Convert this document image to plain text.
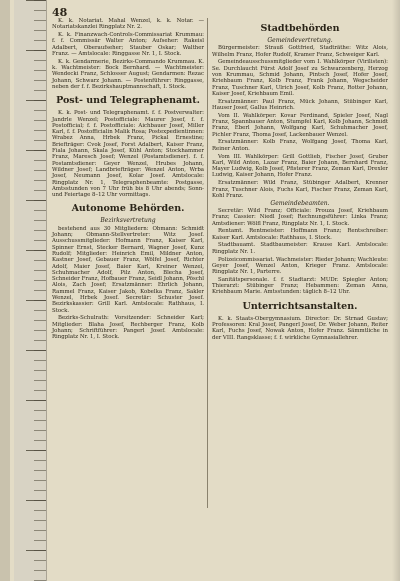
48
K. k. Notariat. Mahal Wenzel, k. k. Notar. — Notariatskanzlei Ringplatz Nr. 2.
K. k. Finanzwach-Controls-Commissariat Krummau: f. f. Commissär Walter Anton; Aufseher: Rakeisl Adalbert, Oberaufseher; Stauber Oskar; Walther Franz. — Amtslocale: Ringgasse Nr. 1, I. Stock.
K. k. Gendarmerie, Bezirks-Commando Krummau. K. k. Wachtmeister: Bock Bernhard. — Wachtmeister: Wendecki Franz, Schlosser August; Gendarmen: Rezac Johann, Schwarz Johann. — Postenführer: Ringgasse, neben der f. f. Bezirkshauptmannschaft, I. Stock.
Post- und Telegraphenamt.
K. k. Post- und Telegraphenamt. f. f. Postverwalter: Jandrle Wenzel; Postofficiale: Maurer Josef, f. f. Postofficial; f. f. Postofficiale: Aichbauer Josef, Miller Karl, f. f. Postofficialin Malik Rosa; Postexpedientinnen: Wrabez Anna, Hrbek Franz, Pickal Ernestine; Briefträger: Cvok Josef, Forst Adalbert, Kaiser Franz, Fiala Johann, Skala Josef, Kühl Anton; Stockhammer Franz, Maresch Josef; Wenzel (Postamtsdiener). f. f. Postamtsdiener: Geyer Wenzel, Hrubes Johann, Wildner Josef; Landbriefträger: Wenzel Anton, Wrba Josef, Neumann Josef, Kolar Josef. Amtslocale: Ringplatz Nr. 1, Telegraphenbeamte: Postgasse, Amtsstunden von 7 Uhr früh bis 8 Uhr abends; Sonn- und Feiertage 8–12 Uhr vormittags.
Autonome Behörden.
Bezirksvertretung
bestehend aus 30 Mitgliedern: Obmann: Schmidt Johann; Obmann-Stellvertreter: Witz Josef. Ausschussmitglieder: Hofmann Franz, Kaiser Karl, Spinner Ernst, Stecker Bernard, Wagner Josef, Kunz Rudolf; Mitglieder: Heinrich Emil, Mildner Anton, Kastner Josef, Gebauer Franz, Wölfel Josef, Richter Adolf, Maier Josef, Baier Karl, Kreiner Wenzel, Schuhmacher Adolf, Pilz Anton, Blecha Josef, Schneider Franz, Hofbauer Franz, Seidl Johann, Pöschl Alois, Zach Josef; Ersatzmänner: Ehrlich Johann, Rammel Franz, Kaiser Jakob, Kobelka Franz, Sakler Wenzel, Hrbek Josef. Secretär: Schuster Josef. Bezirkskassier: Grill Karl. Amtslocale: Rathhaus, I. Stock.
Bezirks-Schulrath: Vorsitzender: Schneider Karl; Mitglieder: Blaha Josef, Rechberger Franz, Kolb Johann; Schriftführer: Pangerl Josef. Amtslocale: Ringplatz Nr. 1, I. Stock.
Stadtbehörden
Gemeindevertretung.
Bürgermeister: Strauß Gottfried, Stadträthe: Witz Alois, Wilhelm Franz, Hofer Rudolf, Kramer Franz, Schweiger Karl.
Gemeindeausschussmitglieder vom I. Wahlkörper (Virilisten): Se. Durchlaucht Fürst Adolf Josef zu Schwarzenberg, Herzog von Krummau, Schmid Johann, Pintsch Josef, Hofer Josef, Kriehbaum Franz, Kolb Franz, Frank Johann, Wegscheider Franz, Tuschner Karl, Ulrich Josef, Kolb Franz, Rotter Johann, Kaiser Josef, Kriehbaum Emil.
Ersatzmänner: Paul Franz, Mück Johann, Stübinger Karl, Hauser Josef, Gallus Heinrich.
Vom II. Wahlkörper: Kovar Ferdinand, Spieler Josef, Nagl Franz, Spannbauer Anton, Stumpfel Karl, Kolb Johann, Schmidt Franz, Eberl Johann, Wolfgang Karl, Schuhmacher Josef, Pichler Franz, Thoma Josef, Lackenbauer Wenzel.
Ersatzmänner: Kolb Franz, Wolfgang Josef, Thoma Karl, Reiner Anton.
Vom III. Wahlkörper: Grill Gottlieb, Fischer Josef, Gruber Karl, Wild Anton, Lazar Franz, Baier Johann, Bernhard Franz, Mayer Ludwig, Kolb Josef, Pfisterer Franz, Zeman Karl, Drexler Ludwig, Kaiser Johann, Hofer Franz.
Ersatzmänner: Wild Franz, Stübinger Adalbert, Krenner Franz, Tuschner Alois, Fuchs Karl, Fischer Franz, Zeman Karl, Kohl Franz.
Gemeindebeamten.
Secretär: Wild Franz; Officiale: Prouza Josef, Kriehbaum Franz; Cassier: Niedl Josef; Rechnungsführer: Linka Franz; Amtsdiener: Wölfl Franz, Ringplatz Nr. 1, I. Stock.
Rentamt. Rentmeister: Hoffmann Franz; Rentschreiber: Kaiser Karl. Amtslocale: Rathhaus, I. Stock.
Stadtbauamt. Stadtbaumeister: Krause Karl. Amtslocale: Ringplatz Nr. 1.
Polizeicommissariat. Wachmeister: Rieder Johann; Wachleute: Geyer Josef, Wenzel Anton, Krieger Franz. Amtslocale: Ringplatz Nr. 1, Parterre.
Sanitätspersonale. f. f. Stadtarzt: MUDr. Spiegler Anton; Thierarzt: Stübinger Franz; Hebammen: Zeman Anna, Kriehbaum Marie. Amtsstunden: täglich 8–12 Uhr.
Unterrichtsanstalten.
K. k. Staats-Obergymnasium. Director: Dr. Strnad Gustav; Professoren: Kral Josef, Pangerl Josef, Dr. Weber Johann, Reiter Karl, Fuchs Josef, Nowak Anton, Hofer Franz. Sämmtliche in der VIII. Rangsklasse; f. f. wirkliche Gymnasiallehrer.
